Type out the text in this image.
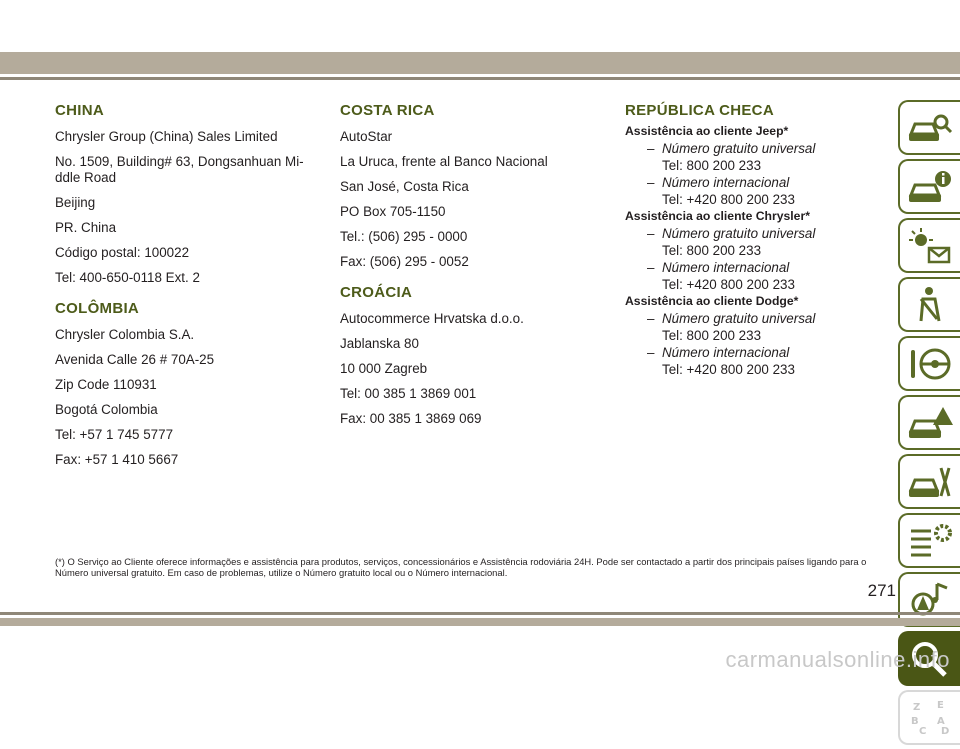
CHINA

Chrysler Group (China) Sales Limited

No. 1509, Building# 63, Dongsanhuan Mi-
ddle Road

Beijing

PR. China

Código postal: 100022

Tel: 400-650-0118 Ext. 2

COLÔMBIA

Chrysler Colombia S.A.

Avenida Calle 26 # 70A-25

Zip Code 110931

Bogotá Colombia

Tel: +57 1 745 5777

Fax: +57 1 410 5667

COSTA RICA

AutoStar

La Uruca, frente al Banco Nacional

San José, Costa Rica

PO Box 705-1150

Tel.: (506) 295 - 0000

Fax: (506) 295 - 0052

CROÁCIA

Autocommerce Hrvatska d.o.o.

Jablanska 80

10 000 Zagreb

Tel: 00 385 1 3869 001

Fax: 00 385 1 3869 069

REPÚBLICA CHECA

Assistência ao cliente Jeep*

– Número gratuito universal

Tel: 800 200 233

– Número internacional

Tel: +420 800 200 233

Assistência ao cliente Chrysler*

– Número gratuito universal

Tel: 800 200 233

– Número internacional

Tel: +420 800 200 233

Assistência ao cliente Dodge*

– Número gratuito universal

Tel: 800 200 233

– Número internacional

Tel: +420 800 200 233

Z E
B A
C D
(*) O Serviço ao Cliente oferece informações e assistência para produtos, serviços, concessionários e Assistência rodoviária 24H. Pode ser contactado a partir dos principais países ligando para o Número universal gratuito. Em caso de problemas, utilize o Número gratuito local ou o Número internacional.
271
carmanualsonline.info
